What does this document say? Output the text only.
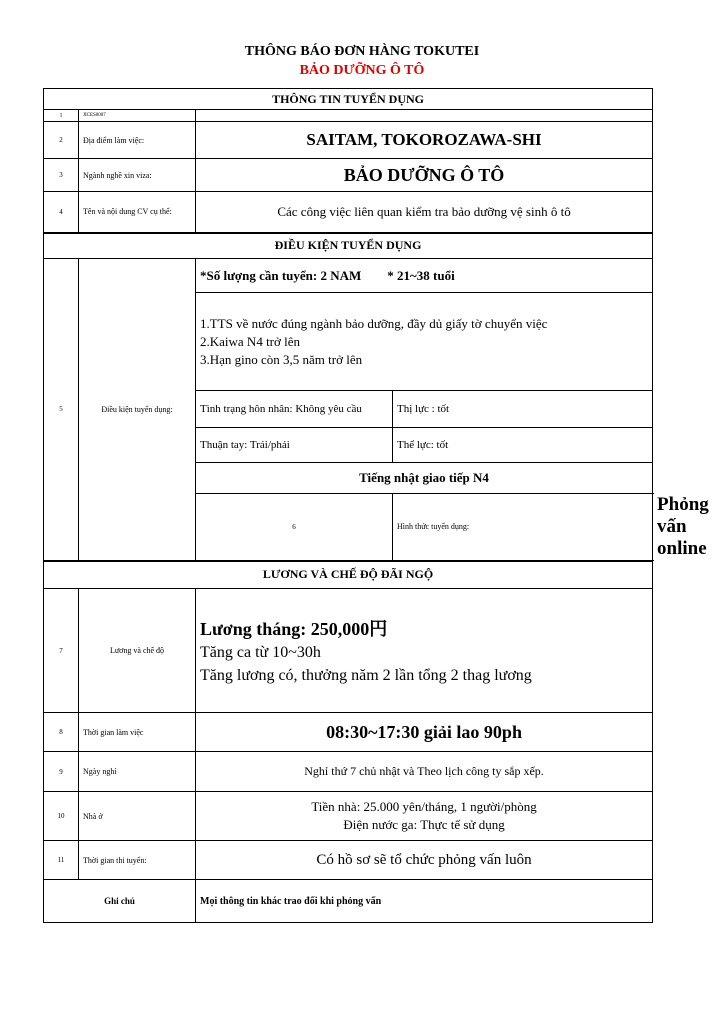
THÔNG BÁO ĐƠN HÀNG TOKUTEI
BẢO DƯỠNG Ô TÔ
THÔNG TIN TUYỂN DỤNG				
1	JICES0007			
2	Địa điểm làm việc:	SAITAM, TOKOROZAWA-SHI		
3	Ngành nghề xin viza:	BẢO DƯỠNG Ô TÔ		
4	Tên và nội dung CV cụ thể:	Các công việc liên quan kiểm tra bảo dưỡng vệ sinh ô tô		
ĐIỀU KIỆN TUYỂN DỤNG				
5	Điều kiện tuyển dụng:	*Số lượng cần tuyển: 2 NAM        * 21~38 tuổi		

		1.TTS về nước đúng ngành bảo dưỡng, đầy dủ giấy tờ chuyển việc
2.Kaiwa N4 trở lên
3.Hạn gino còn 3,5 năm trở lên		

		Tình trạng hôn nhân: Không yêu cầu	Thị lực : tốt	
		Thuận tay: Trái/phải	Thể lực: tốt	
		Tiếng nhật giao tiếp N4		
		6	Hình thức tuyển dụng:	Phỏng vấn online
LƯƠNG VÀ CHẾ ĐỘ ĐÃI NGỘ				
7	Lương và chế độ	Lương tháng: 250,000円
Tăng ca từ 10~30h
Tăng lương có, thưởng năm 2 lần tổng 2 thag lương		

8	Thời gian làm việc	08:30~17:30 giải lao 90ph		
9	Ngày nghỉ	Nghỉ thứ 7 chủ nhật và Theo lịch công ty sắp xếp.		
10	Nhà ở	Tiền nhà: 25.000 yên/tháng, 1 người/phòng
Điện nước ga: Thực tế sử dụng		

11	Thời gian thi tuyển:	Có hồ sơ sẽ tổ chức phỏng vấn luôn		
Ghi chú		Mọi thông tin khác trao đổi khi phỏng vấn		
